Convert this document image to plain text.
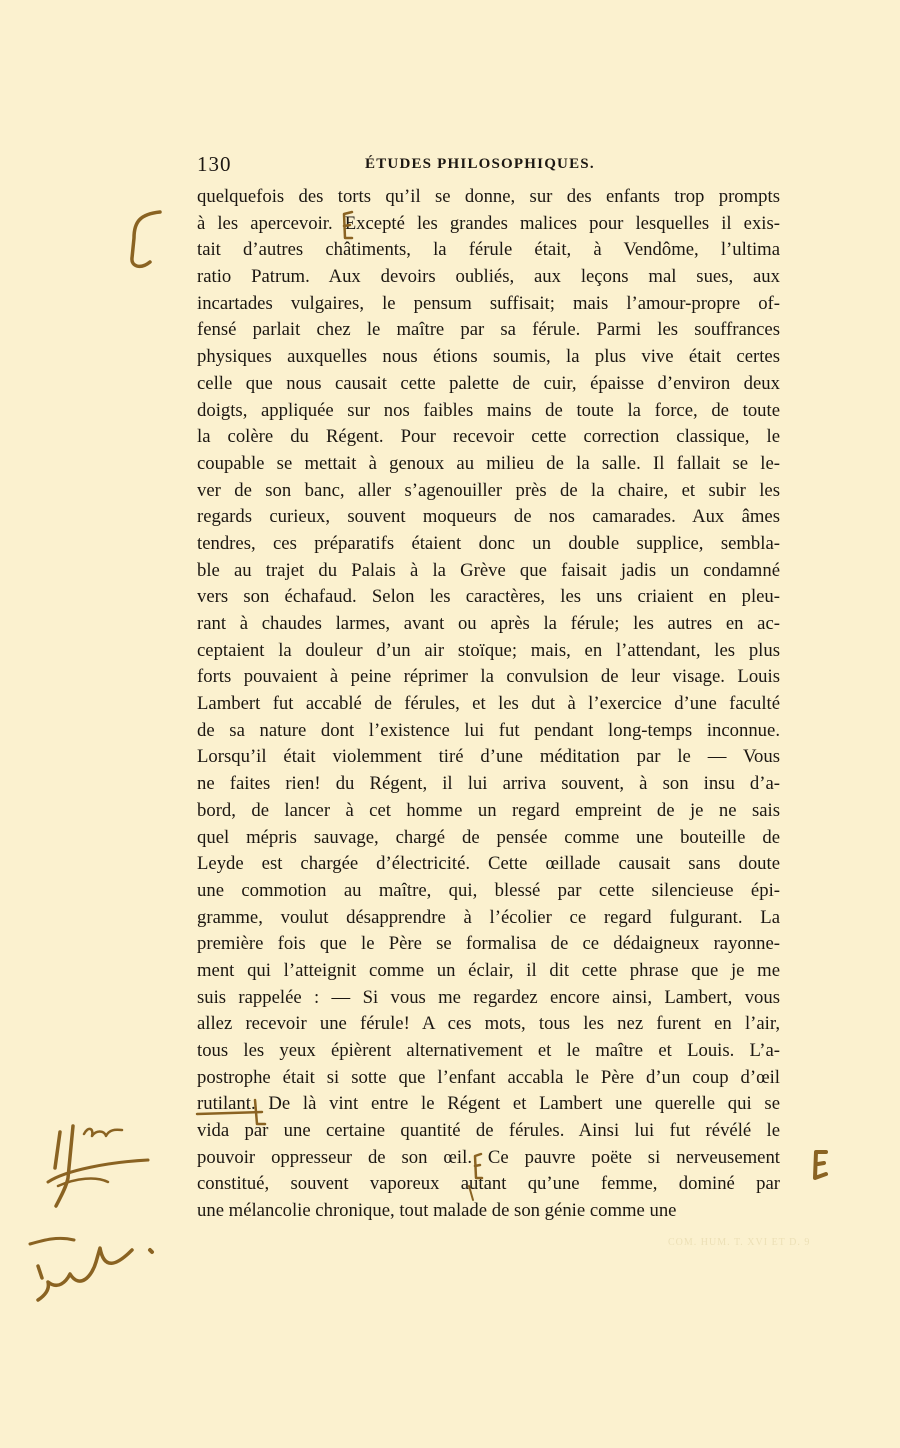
130	ÉTUDES PHILOSOPHIQUES.
quelquefois des torts qu’il se donne, sur des enfants trop prompts
à les apercevoir. Excepté les grandes malices pour lesquelles il exis-
tait d’autres châtiments, la férule était, à Vendôme, l’ultima
ratio Patrum. Aux devoirs oubliés, aux leçons mal sues, aux
incartades vulgaires, le pensum suffisait; mais l’amour-propre of-
fensé parlait chez le maître par sa férule. Parmi les souffrances
physiques auxquelles nous étions soumis, la plus vive était certes
celle que nous causait cette palette de cuir, épaisse d’environ deux
doigts, appliquée sur nos faibles mains de toute la force, de toute
la colère du Régent. Pour recevoir cette correction classique, le
coupable se mettait à genoux au milieu de la salle. Il fallait se le-
ver de son banc, aller s’agenouiller près de la chaire, et subir les
regards curieux, souvent moqueurs de nos camarades. Aux âmes
tendres, ces préparatifs étaient donc un double supplice, sembla-
ble au trajet du Palais à la Grève que faisait jadis un condamné
vers son échafaud. Selon les caractères, les uns criaient en pleu-
rant à chaudes larmes, avant ou après la férule; les autres en ac-
ceptaient la douleur d’un air stoïque; mais, en l’attendant, les plus
forts pouvaient à peine réprimer la convulsion de leur visage. Louis
Lambert fut accablé de férules, et les dut à l’exercice d’une faculté
de sa nature dont l’existence lui fut pendant long-temps inconnue.
Lorsqu’il était violemment tiré d’une méditation par le — Vous
ne faites rien! du Régent, il lui arriva souvent, à son insu d’a-
bord, de lancer à cet homme un regard empreint de je ne sais
quel mépris sauvage, chargé de pensée comme une bouteille de
Leyde est chargée d’électricité. Cette œillade causait sans doute
une commotion au maître, qui, blessé par cette silencieuse épi-
gramme, voulut désapprendre à l’écolier ce regard fulgurant. La
première fois que le Père se formalisa de ce dédaigneux rayonne-
ment qui l’atteignit comme un éclair, il dit cette phrase que je me
suis rappelée : — Si vous me regardez encore ainsi, Lambert, vous
allez recevoir une férule! A ces mots, tous les nez furent en l’air,
tous les yeux épièrent alternativement et le maître et Louis. L’a-
postrophe était si sotte que l’enfant accabla le Père d’un coup d’œil
rutilant. De là vint entre le Régent et Lambert une querelle qui se
vida par une certaine quantité de férules. Ainsi lui fut révélé le
pouvoir oppresseur de son œil. Ce pauvre poëte si nerveusement
constitué, souvent vaporeux autant qu’une femme, dominé par
une mélancolie chronique, tout malade de son génie comme une
COM. HUM. T. XVI ET D. 9
